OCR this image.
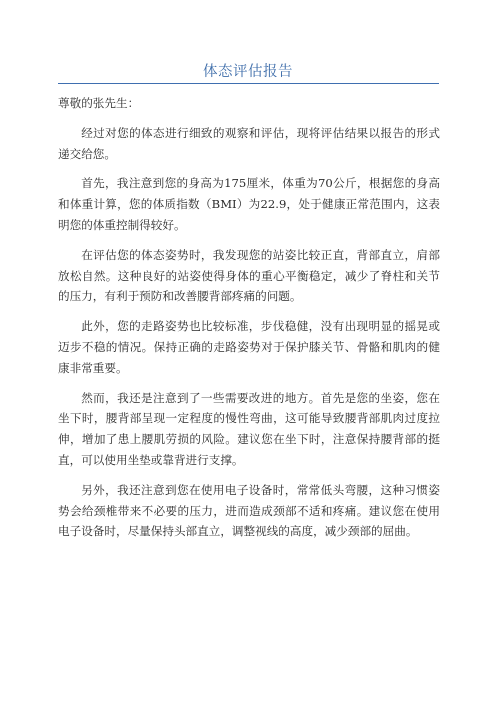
体态评估报告

尊敬的张先生：

经过对您的体态进行细致的观察和评估，现将评估结果以报告的形式递交给您。

首先，我注意到您的身高为175厘米，体重为70公斤，根据您的身高和体重计算，您的体质指数（BMI）为22.9，处于健康正常范围内，这表明您的体重控制得较好。

在评估您的体态姿势时，我发现您的站姿比较正直，背部直立，肩部放松自然。这种良好的站姿使得身体的重心平衡稳定，减少了脊柱和关节的压力，有利于预防和改善腰背部疼痛的问题。

此外，您的走路姿势也比较标准，步伐稳健，没有出现明显的摇晃或迈步不稳的情况。保持正确的走路姿势对于保护膝关节、骨骼和肌肉的健康非常重要。

然而，我还是注意到了一些需要改进的地方。首先是您的坐姿，您在坐下时，腰背部呈现一定程度的慢性弯曲，这可能导致腰背部肌肉过度拉伸，增加了患上腰肌劳损的风险。建议您在坐下时，注意保持腰背部的挺直，可以使用坐垫或靠背进行支撑。

另外，我还注意到您在使用电子设备时，常常低头弯腰，这种习惯姿势会给颈椎带来不必要的压力，进而造成颈部不适和疼痛。建议您在使用电子设备时，尽量保持头部直立，调整视线的高度，减少颈部的屈曲。
